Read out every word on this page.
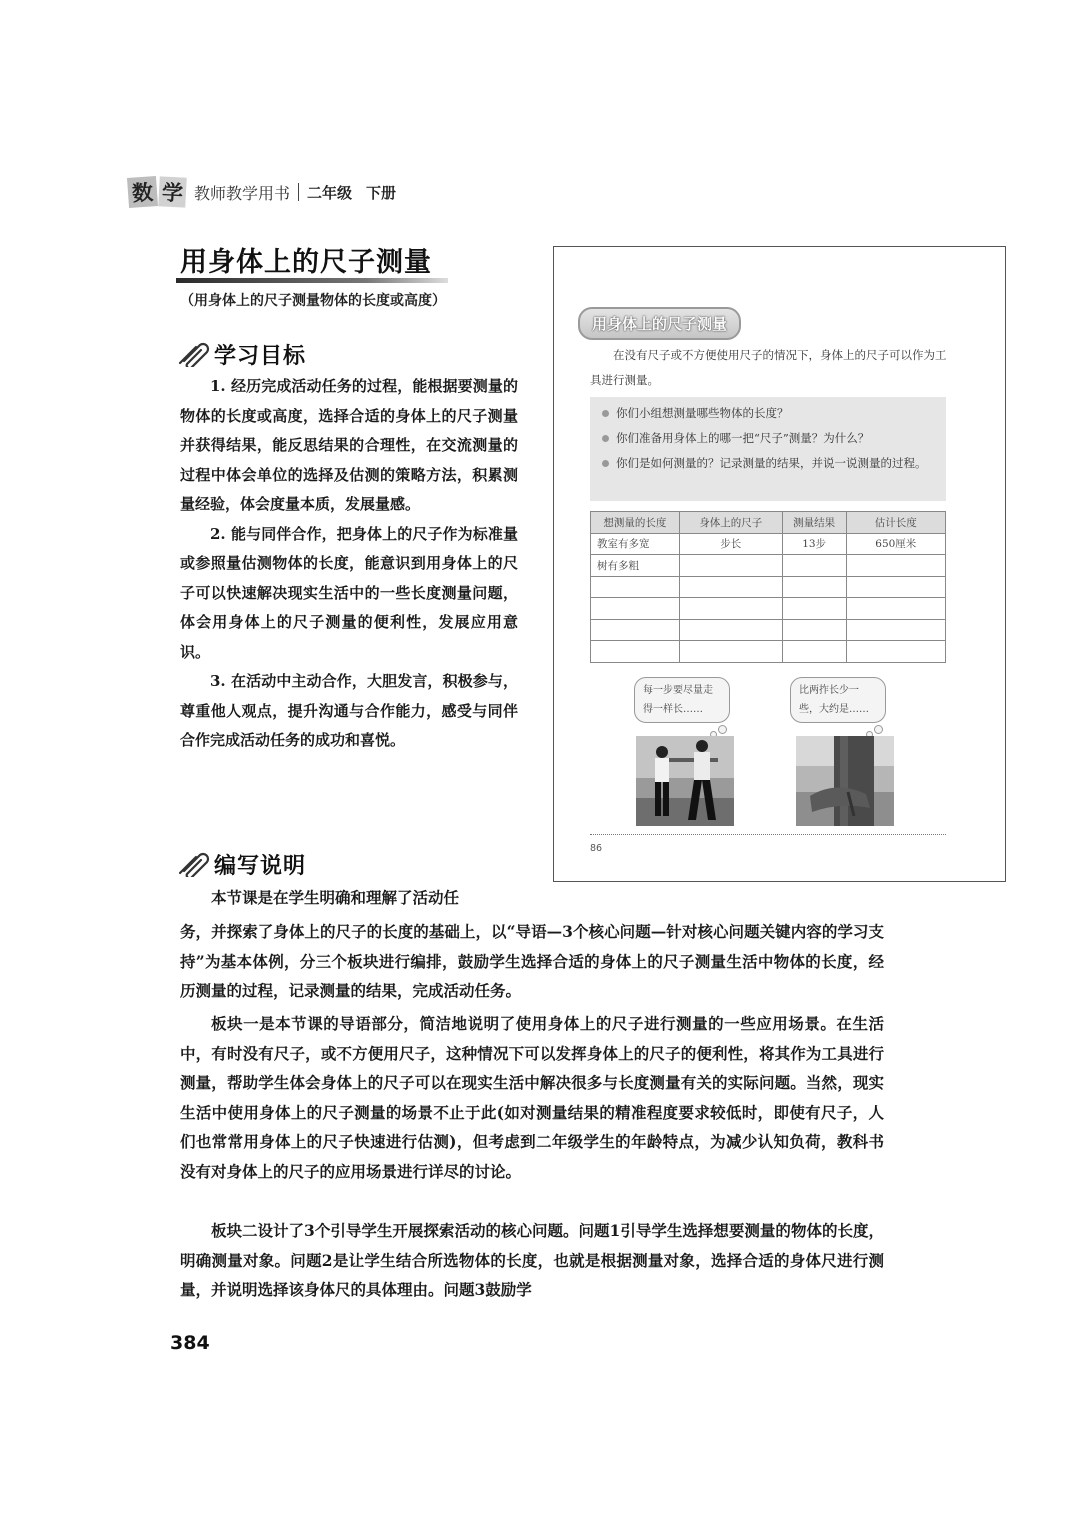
数 学 教师教学用书 二年级 下册
用身体上的尺子测量
（用身体上的尺子测量物体的长度或高度）
学习目标
1. 经历完成活动任务的过程，能根据要测量的物体的长度或高度，选择合适的身体上的尺子测量并获得结果，能反思结果的合理性，在交流测量的过程中体会单位的选择及估测的策略方法，积累测量经验，体会度量本质，发展量感。
2. 能与同伴合作，把身体上的尺子作为标准量或参照量估测物体的长度，能意识到用身体上的尺子可以快速解决现实生活中的一些长度测量问题，体会用身体上的尺子测量的便利性，发展应用意识。
3. 在活动中主动合作，大胆发言，积极参与，尊重他人观点，提升沟通与合作能力，感受与同伴合作完成活动任务的成功和喜悦。
编写说明
本节课是在学生明确和理解了活动任
务，并探索了身体上的尺子的长度的基础上，以“导语—3个核心问题—针对核心问题关键内容的学习支持”为基本体例，分三个板块进行编排，鼓励学生选择合适的身体上的尺子测量生活中物体的长度，经历测量的过程，记录测量的结果，完成活动任务。
板块一是本节课的导语部分，简洁地说明了使用身体上的尺子进行测量的一些应用场景。在生活中，有时没有尺子，或不方便用尺子，这种情况下可以发挥身体上的尺子的便利性，将其作为工具进行测量，帮助学生体会身体上的尺子可以在现实生活中解决很多与长度测量有关的实际问题。当然，现实生活中使用身体上的尺子测量的场景不止于此(如对测量结果的精准程度要求较低时，即使有尺子，人们也常常用身体上的尺子快速进行估测)，但考虑到二年级学生的年龄特点，为减少认知负荷，教科书没有对身体上的尺子的应用场景进行详尽的讨论。
板块二设计了3个引导学生开展探索活动的核心问题。问题1引导学生选择想要测量的物体的长度，明确测量对象。问题2是让学生结合所选物体的长度，也就是根据测量对象，选择合适的身体尺进行测量，并说明选择该身体尺的具体理由。问题3鼓励学
用身体上的尺子测量
在没有尺子或不方便使用尺子的情况下，身体上的尺子可以作为工具进行测量。
你们小组想测量哪些物体的长度？
你们准备用身体上的哪一把“尺子”测量？为什么？
你们是如何测量的？记录测量的结果，并说一说测量的过程。
想测量的长度	身体上的尺子	测量结果	估计长度
教室有多宽	步长	13步	650厘米
树有多粗			

每一步要尽量走得一样长……
比两拃长少一些，大约是……
86
384
